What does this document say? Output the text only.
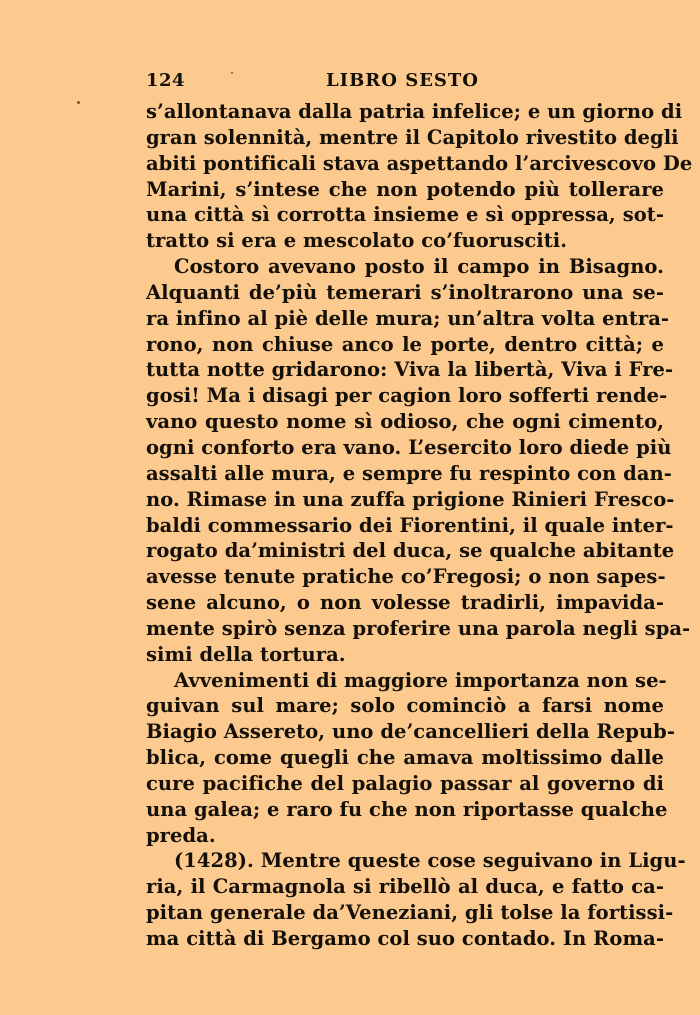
124	LIBRO SESTO
s’allontanava dalla patria infelice; e un giorno di
gran solennità, mentre il Capitolo rivestito degli
abiti pontificali stava aspettando l’arcivescovo De
Marini, s’intese che non potendo più tollerare
una città sì corrotta insieme e sì oppressa, sot-
tratto si era e mescolato co’fuorusciti.
Costoro avevano posto il campo in Bisagno.
Alquanti de’più temerari s’inoltrarono una se-
ra infino al piè delle mura; un’altra volta entra-
rono, non chiuse anco le porte, dentro città; e
tutta notte gridarono: Viva la libertà, Viva i Fre-
gosi! Ma i disagi per cagion loro sofferti rende-
vano questo nome sì odioso, che ogni cimento,
ogni conforto era vano. L’esercito loro diede più
assalti alle mura, e sempre fu respinto con dan-
no. Rimase in una zuffa prigione Rinieri Fresco-
baldi commessario dei Fiorentini, il quale inter-
rogato da’ministri del duca, se qualche abitante
avesse tenute pratiche co’Fregosi; o non sapes-
sene alcuno, o non volesse tradirli, impavida-
mente spirò senza proferire una parola negli spa-
simi della tortura.
Avvenimenti di maggiore importanza non se-
guivan sul mare; solo cominciò a farsi nome
Biagio Assereto, uno de’cancellieri della Repub-
blica, come quegli che amava moltissimo dalle
cure pacifiche del palagio passar al governo di
una galea; e raro fu che non riportasse qualche
preda.
(1428). Mentre queste cose seguivano in Ligu-
ria, il Carmagnola si ribellò al duca, e fatto ca-
pitan generale da’Veneziani, gli tolse la fortissi-
ma città di Bergamo col suo contado. In Roma-
